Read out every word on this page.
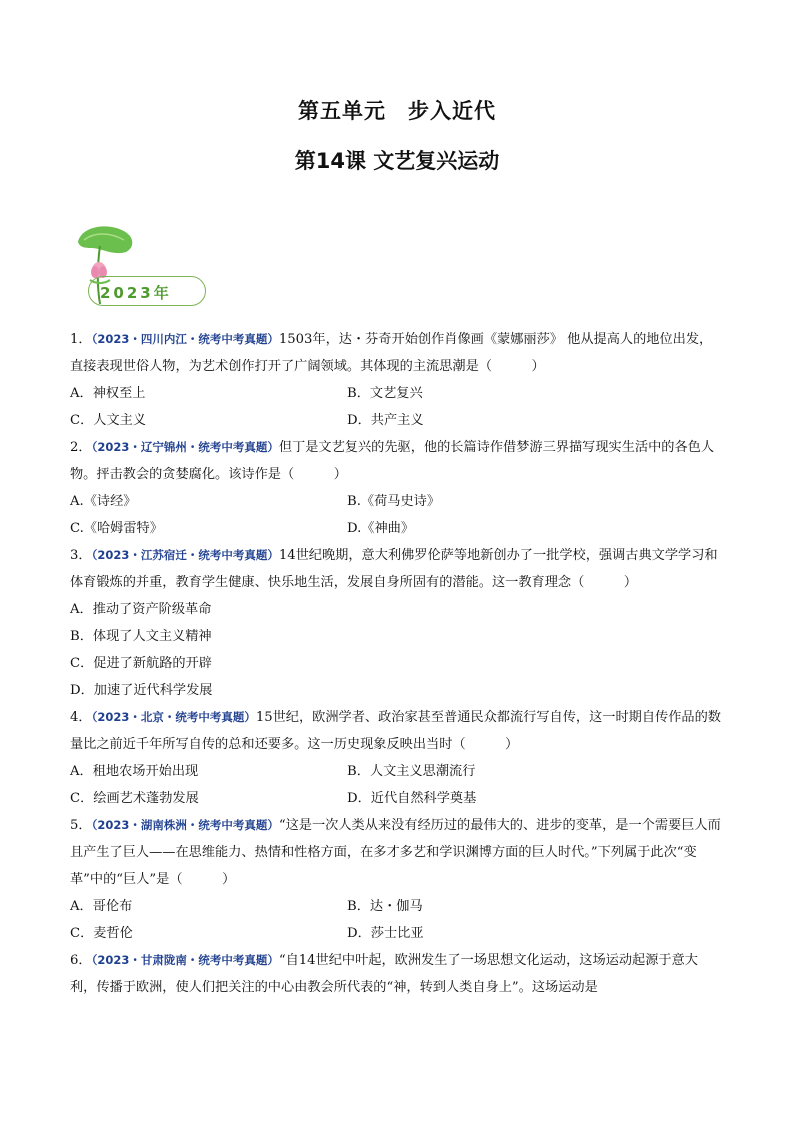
第五单元　步入近代
第14课 文艺复兴运动
2023年

1．（2023・四川内江・统考中考真题）1503年，达・芬奇开始创作肖像画《蒙娜丽莎》 他从提高人的地位出发，直接表现世俗人物，为艺术创作打开了广阔领域。其体现的主流思潮是（　　　）

A．神权至上	B．文艺复兴
C．人文主义	D．共产主义

2．（2023・辽宁锦州・统考中考真题）但丁是文艺复兴的先驱，他的长篇诗作借梦游三界描写现实生活中的各色人物。抨击教会的贪婪腐化。该诗作是（　　　）

A.《诗经》	B.《荷马史诗》
C.《哈姆雷特》	D.《神曲》

3．（2023・江苏宿迁・统考中考真题）14世纪晚期，意大利佛罗伦萨等地新创办了一批学校，强调古典文学学习和体育锻炼的并重，教育学生健康、快乐地生活，发展自身所固有的潜能。这一教育理念（　　　）

A．推动了资产阶级革命
B．体现了人文主义精神
C．促进了新航路的开辟
D．加速了近代科学发展

4．（2023・北京・统考中考真题）15世纪，欧洲学者、政治家甚至普通民众都流行写自传，这一时期自传作品的数量比之前近千年所写自传的总和还要多。这一历史现象反映出当时（　　　）

A．租地农场开始出现	B．人文主义思潮流行
C．绘画艺术蓬勃发展	D．近代自然科学奠基

5．（2023・湖南株洲・统考中考真题）“这是一次人类从来没有经历过的最伟大的、进步的变革，是一个需要巨人而且产生了巨人——在思维能力、热情和性格方面，在多才多艺和学识渊博方面的巨人时代。”下列属于此次“变革”中的“巨人”是（　　　）

A．哥伦布	B．达・伽马
C．麦哲伦	D．莎士比亚

6．（2023・甘肃陇南・统考中考真题）“自14世纪中叶起，欧洲发生了一场思想文化运动，这场运动起源于意大利，传播于欧洲，使人们把关注的中心由教会所代表的“神，转到人类自身上”。这场运动是
